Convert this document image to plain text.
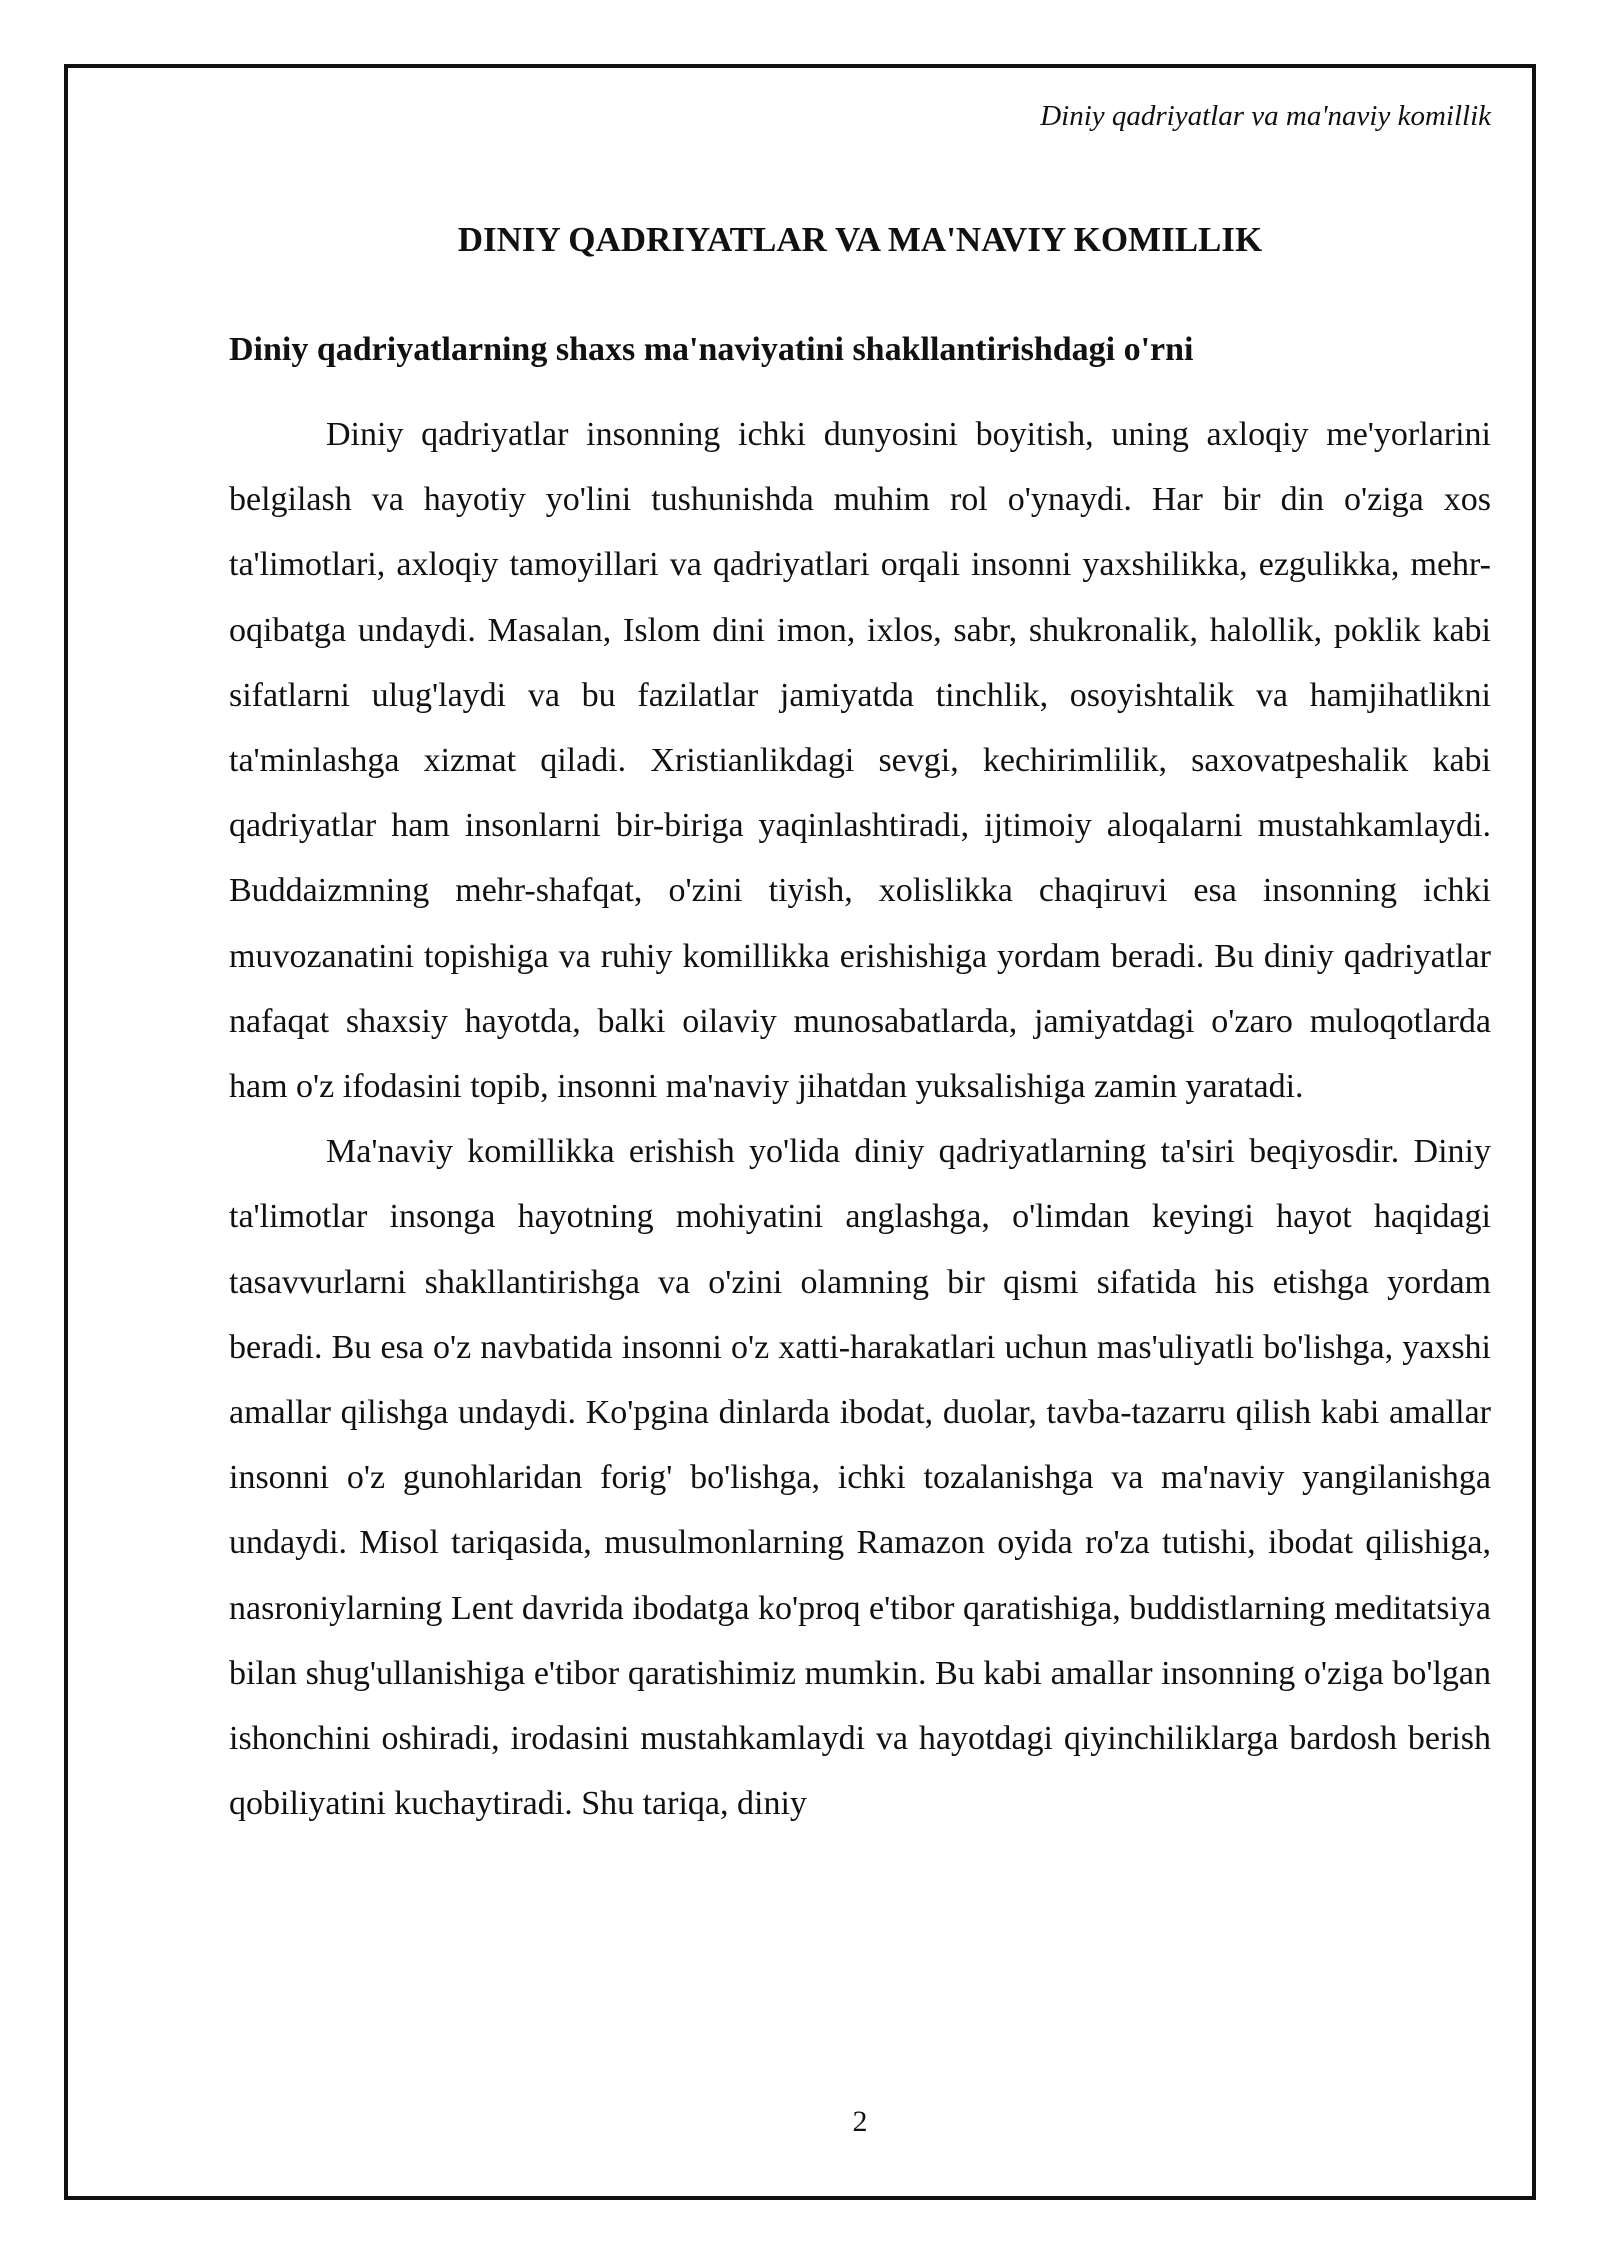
Diniy qadriyatlar va ma'naviy komillik
DINIY QADRIYATLAR VA MA'NAVIY KOMILLIK
Diniy qadriyatlarning shaxs ma'naviyatini shakllantirishdagi o'rni

Diniy qadriyatlar insonning ichki dunyosini boyitish, uning axloqiy me'yorlarini belgilash va hayotiy yo'lini tushunishda muhim rol o'ynaydi. Har bir din o'ziga xos ta'limotlari, axloqiy tamoyillari va qadriyatlari orqali insonni yaxshilikka, ezgulikka, mehr-oqibatga undaydi. Masalan, Islom dini imon, ixlos, sabr, shukronalik, halollik, poklik kabi sifatlarni ulug'laydi va bu fazilatlar jamiyatda tinchlik, osoyishtalik va hamjihatlikni ta'minlashga xizmat qiladi. Xristianlikdagi sevgi, kechirimlilik, saxovatpeshalik kabi qadriyatlar ham insonlarni bir-biriga yaqinlashtiradi, ijtimoiy aloqalarni mustahkamlaydi. Buddaizmning mehr-shafqat, o'zini tiyish, xolislikka chaqiruvi esa insonning ichki muvozanatini topishiga va ruhiy komillikka erishishiga yordam beradi. Bu diniy qadriyatlar nafaqat shaxsiy hayotda, balki oilaviy munosabatlarda, jamiyatdagi o'zaro muloqotlarda ham o'z ifodasini topib, insonni ma'naviy jihatdan yuksalishiga zamin yaratadi.

Ma'naviy komillikka erishish yo'lida diniy qadriyatlarning ta'siri beqiyosdir. Diniy ta'limotlar insonga hayotning mohiyatini anglashga, o'limdan keyingi hayot haqidagi tasavvurlarni shakllantirishga va o'zini olamning bir qismi sifatida his etishga yordam beradi. Bu esa o'z navbatida insonni o'z xatti-harakatlari uchun mas'uliyatli bo'lishga, yaxshi amallar qilishga undaydi. Ko'pgina dinlarda ibodat, duolar, tavba-tazarru qilish kabi amallar insonni o'z gunohlaridan forig' bo'lishga, ichki tozalanishga va ma'naviy yangilanishga undaydi. Misol tariqasida, musulmonlarning Ramazon oyida ro'za tutishi, ibodat qilishiga, nasroniylarning Lent davrida ibodatga ko'proq e'tibor qaratishiga, buddistlarning meditatsiya bilan shug'ullanishiga e'tibor qaratishimiz mumkin. Bu kabi amallar insonning o'ziga bo'lgan ishonchini oshiradi, irodasini mustahkamlaydi va hayotdagi qiyinchiliklarga bardosh berish qobiliyatini kuchaytiradi. Shu tariqa, diniy

2
